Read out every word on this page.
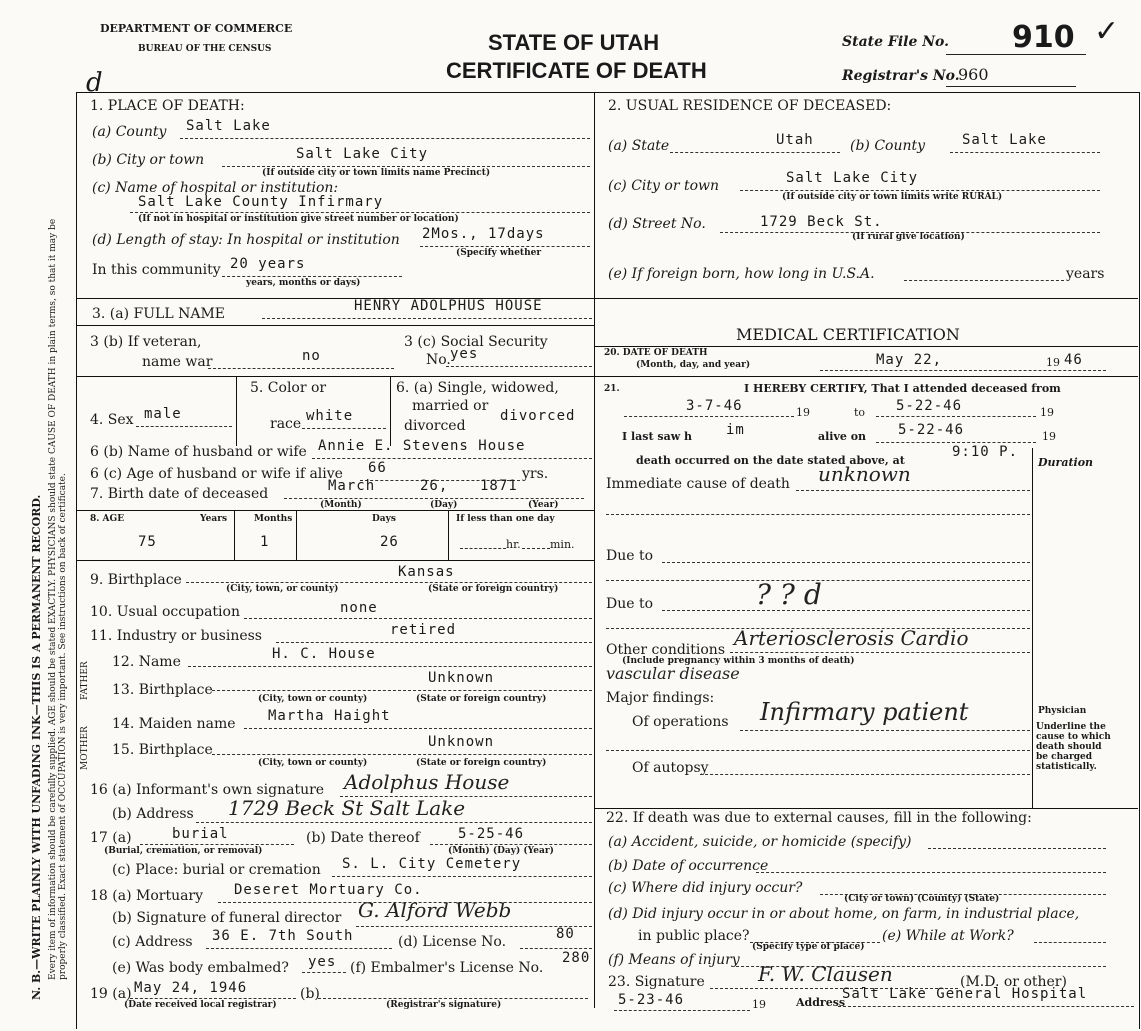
N. B.—WRITE PLAINLY WITH UNFADING INK—THIS IS A PERMANENT RECORD. Every item of information should be carefully supplied. AGE should be stated EXACTLY. PHYSICIANS should state CAUSE OF DEATH in plain terms, so that it may be properly classified. Exact statement of OCCUPATION is very important. See instructions on back of certificate.
DEPARTMENT OF COMMERCE
BUREAU OF THE CENSUS	STATE OF UTAH
CERTIFICATE OF DEATH
State File No. 910 ✓
Registrar's No.
960
d
1. PLACE OF DEATH:
(a) County Salt Lake
(b) City or town	Salt Lake City
(If outside city or town limits name Precinct)
(c) Name of hospital or institution:
Salt Lake County Infirmary
(If not in hospital or institution give street number or location)
(d) Length of stay: In hospital or institution 2Mos., 17days
(Specify whether
In this community 20 years
years, months or days)
2. USUAL RESIDENCE OF DECEASED:
(a) State	Utah	(b) County	Salt Lake
(c) City or town	Salt Lake City
(If outside city or town limits write RURAL)
(d) Street No.	1729 Beck St.
(If rural give location)
(e) If foreign born, how long in U.S.A.	years
3. (a) FULL NAME	HENRY ADOLPHUS HOUSE
3 (b) If veteran,
name war	no
3 (c) Social Security
No. yes
4. Sex male
5. Color or
race white
6. (a) Single, widowed,
married or
divorced
divorced
6 (b) Name of husband or wife Annie E. Stevens House
6 (c) Age of husband or wife if alive 66	yrs.
7. Birth date of deceased	March	26, 1871
(Month)	(Day)	(Year)
8. AGE	Years	Months	Days	If less than one day
75	1	26	hr.	min.
9. Birthplace	Kansas
(City, town, or county)	(State or foreign country)
10. Usual occupation	none
11. Industry or business	retired
FATHER
MOTHER
12. Name	H. C. House
13. Birthplace
Unknown
(City, town or county)	(State or foreign country)
14. Maiden name Martha Haight
15. Birthplace	Unknown
(City, town or county)	(State or foreign country)
16 (a) Informant's own signature Adolphus House
(b) Address 1729 Beck St Salt Lake
17 (a)	burial
(Burial, cremation, or removal)
(b) Date thereof	5-25-46
(Month) (Day) (Year)
(c) Place: burial or cremation S. L. City Cemetery
18 (a) Mortuary Deseret Mortuary Co.
(b) Signature of funeral director G. Alford Webb
(c) Address 36 E. 7th South	(d) License No.	80
(e) Was body embalmed? yes (f) Embalmer's License No.
280
19 (a) May 24, 1946
(Date received local registrar)
(b)
(Registrar's signature)
MEDICAL CERTIFICATION
20. DATE OF DEATH
(Month, day, and year)	May 22,	19 46
21.	I HEREBY CERTIFY, That I attended deceased from
3-7-46	19	to 5-22-46	19
I last saw h im	alive on 5-22-46	19
death occurred on the date stated above, at
9:10 P.
Duration
Immediate cause of death unknown
Due to
Due to	? ? d
Other conditions Arteriosclerosis Cardio
(Include pregnancy within 3 months of death)
vascular disease
Major findings:
Of operations Infirmary patient
Of autopsy
Physician
Underline the cause to which death should be charged statistically.
22. If death was due to external causes, fill in the following:
(a) Accident, suicide, or homicide (specify)
(b) Date of occurrence
(c) Where did injury occur?
(City or town) (County) (State)
(d) Did injury occur in or about home, on farm, in industrial place,
in public place?
(Specify type of place)
(e) While at Work?
(f) Means of injury
23. Signature	F. W. Clausen	(M.D. or other)
5-23-46	19	Address
Salt Lake General Hospital
